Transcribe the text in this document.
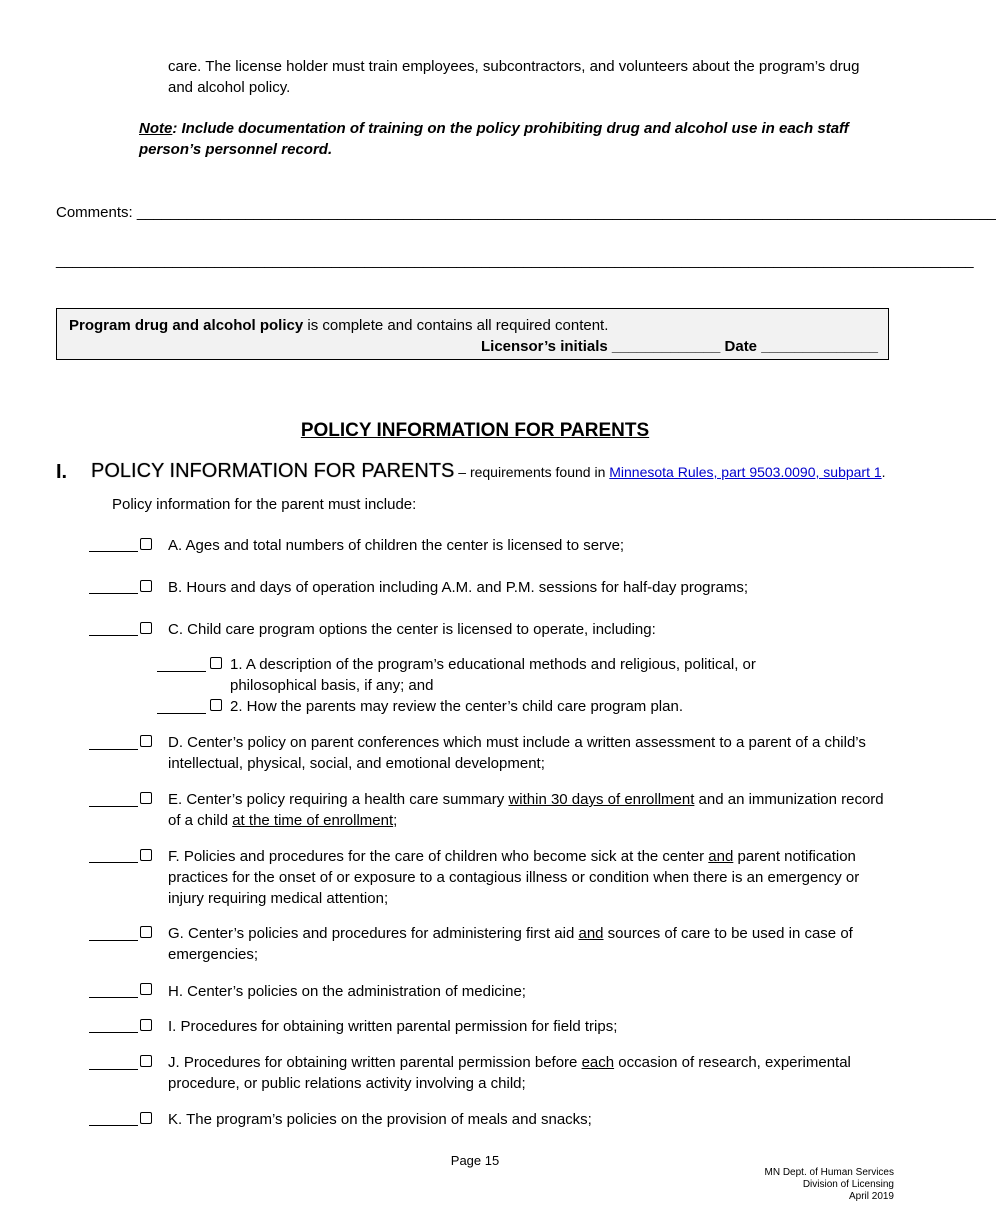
care. The license holder must train employees, subcontractors, and volunteers about the program’s drug and alcohol policy.
Note: Include documentation of training on the policy prohibiting drug and alcohol use in each staff person’s personnel record.
Comments: _______________________________________________________________________________________________________
______________________________________________________________________________________________________________
Program drug and alcohol policy is complete and contains all required content.
Licensor’s initials _____________ Date ______________
POLICY INFORMATION FOR PARENTS
I. POLICY INFORMATION FOR PARENTS – requirements found in Minnesota Rules, part 9503.0090, subpart 1.
Policy information for the parent must include:
A. Ages and total numbers of children the center is licensed to serve;
B. Hours and days of operation including A.M. and P.M. sessions for half-day programs;
C. Child care program options the center is licensed to operate, including:
1. A description of the program’s educational methods and religious, political, or philosophical basis, if any; and
2. How the parents may review the center’s child care program plan.
D. Center’s policy on parent conferences which must include a written assessment to a parent of a child’s intellectual, physical, social, and emotional development;
E. Center’s policy requiring a health care summary within 30 days of enrollment and an immunization record of a child at the time of enrollment;
F. Policies and procedures for the care of children who become sick at the center and parent notification practices for the onset of or exposure to a contagious illness or condition when there is an emergency or injury requiring medical attention;
G. Center’s policies and procedures for administering first aid and sources of care to be used in case of emergencies;
H. Center’s policies on the administration of medicine;
I. Procedures for obtaining written parental permission for field trips;
J. Procedures for obtaining written parental permission before each occasion of research, experimental procedure, or public relations activity involving a child;
K. The program’s policies on the provision of meals and snacks;
Page 15
MN Dept. of Human Services
Division of Licensing
April 2019
